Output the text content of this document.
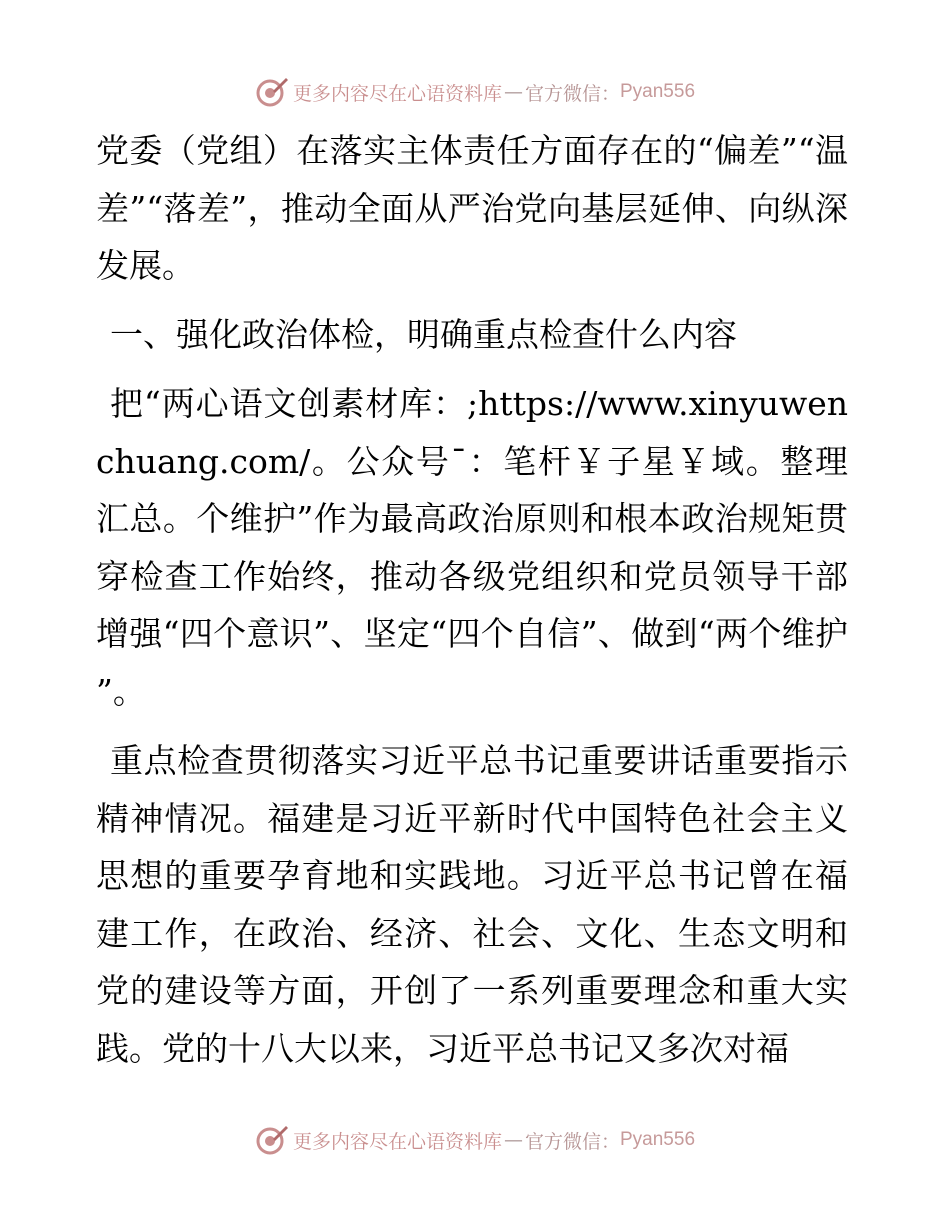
更多内容尽在心语资料库 — 官方微信： Pyan556

党委（党组）在落实主体责任方面存在的“偏差”“温差”“落差”，推动全面从严治党向基层延伸、向纵深发展。

一、强化政治体检，明确重点检查什么内容

把“两心语文创素材库：;https://www.xinyuwenchuang.com/。公众号¯：笔杆￥子星￥域。整理汇总。个维护”作为最高政治原则和根本政治规矩贯穿检查工作始终，推动各级党组织和党员领导干部增强“四个意识”、坚定“四个自信”、做到“两个维护”。

重点检查贯彻落实习近平总书记重要讲话重要指示精神情况。福建是习近平新时代中国特色社会主义思想的重要孕育地和实践地。习近平总书记曾在福建工作，在政治、经济、社会、文化、生态文明和党的建设等方面，开创了一系列重要理念和重大实践。党的十八大以来，习近平总书记又多次对福

更多内容尽在心语资料库 — 官方微信： Pyan556
